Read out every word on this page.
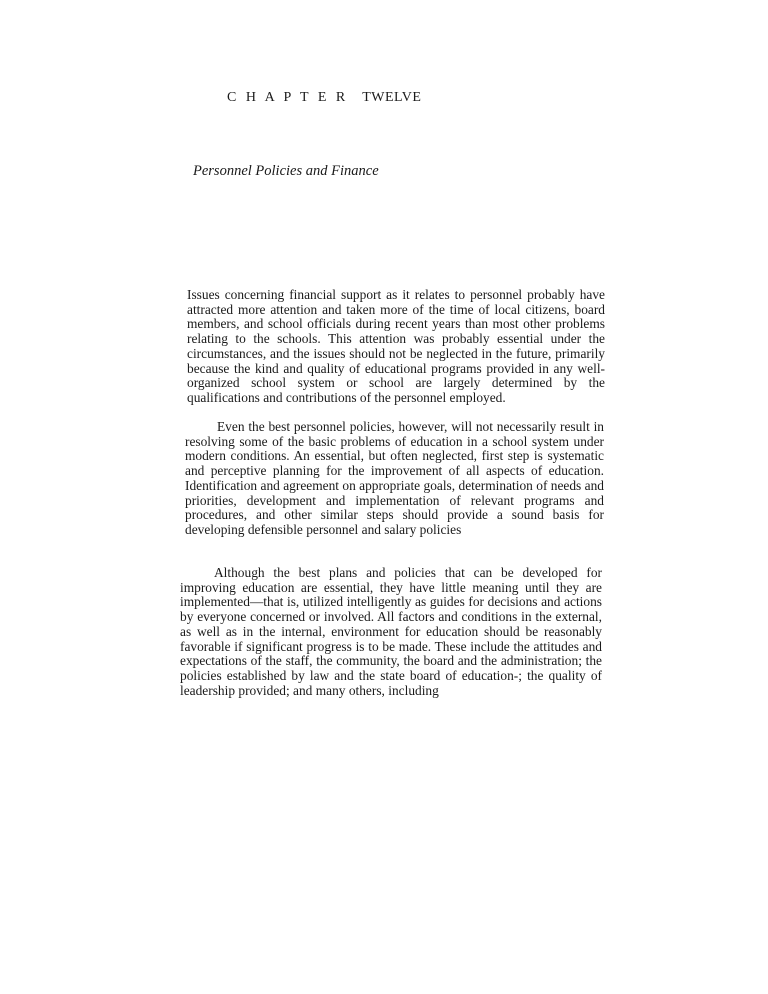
C H A P T E R TWELVE
Personnel Policies and Finance

Issues concerning financial support as it relates to personnel probably have attracted more attention and taken more of the time of local citizens, board members, and school officials during recent years than most other problems relating to the schools. This attention was probably essential under the circumstances, and the issues should not be neglected in the future, primarily because the kind and quality of educational programs provided in any well-organized school system or school are largely determined by the qualifications and contributions of the personnel employed.

Even the best personnel policies, however, will not necessarily result in resolving some of the basic problems of education in a school system under modern conditions. An essential, but often neglected, first step is systematic and perceptive planning for the improvement of all aspects of education. Identification and agreement on appropriate goals, determination of needs and priorities, development and implementation of relevant programs and procedures, and other similar steps should provide a sound basis for developing defensible personnel and salary policies

Although the best plans and policies that can be developed for improving education are essential, they have little meaning until they are implemented—that is, utilized intelligently as guides for decisions and actions by everyone concerned or involved. All factors and conditions in the external, as well as in the internal, environment for education should be reasonably favorable if significant progress is to be made. These include the attitudes and expectations of the staff, the community, the board and the administration; the policies established by law and the state board of education-; the quality of leadership provided; and many others, including
